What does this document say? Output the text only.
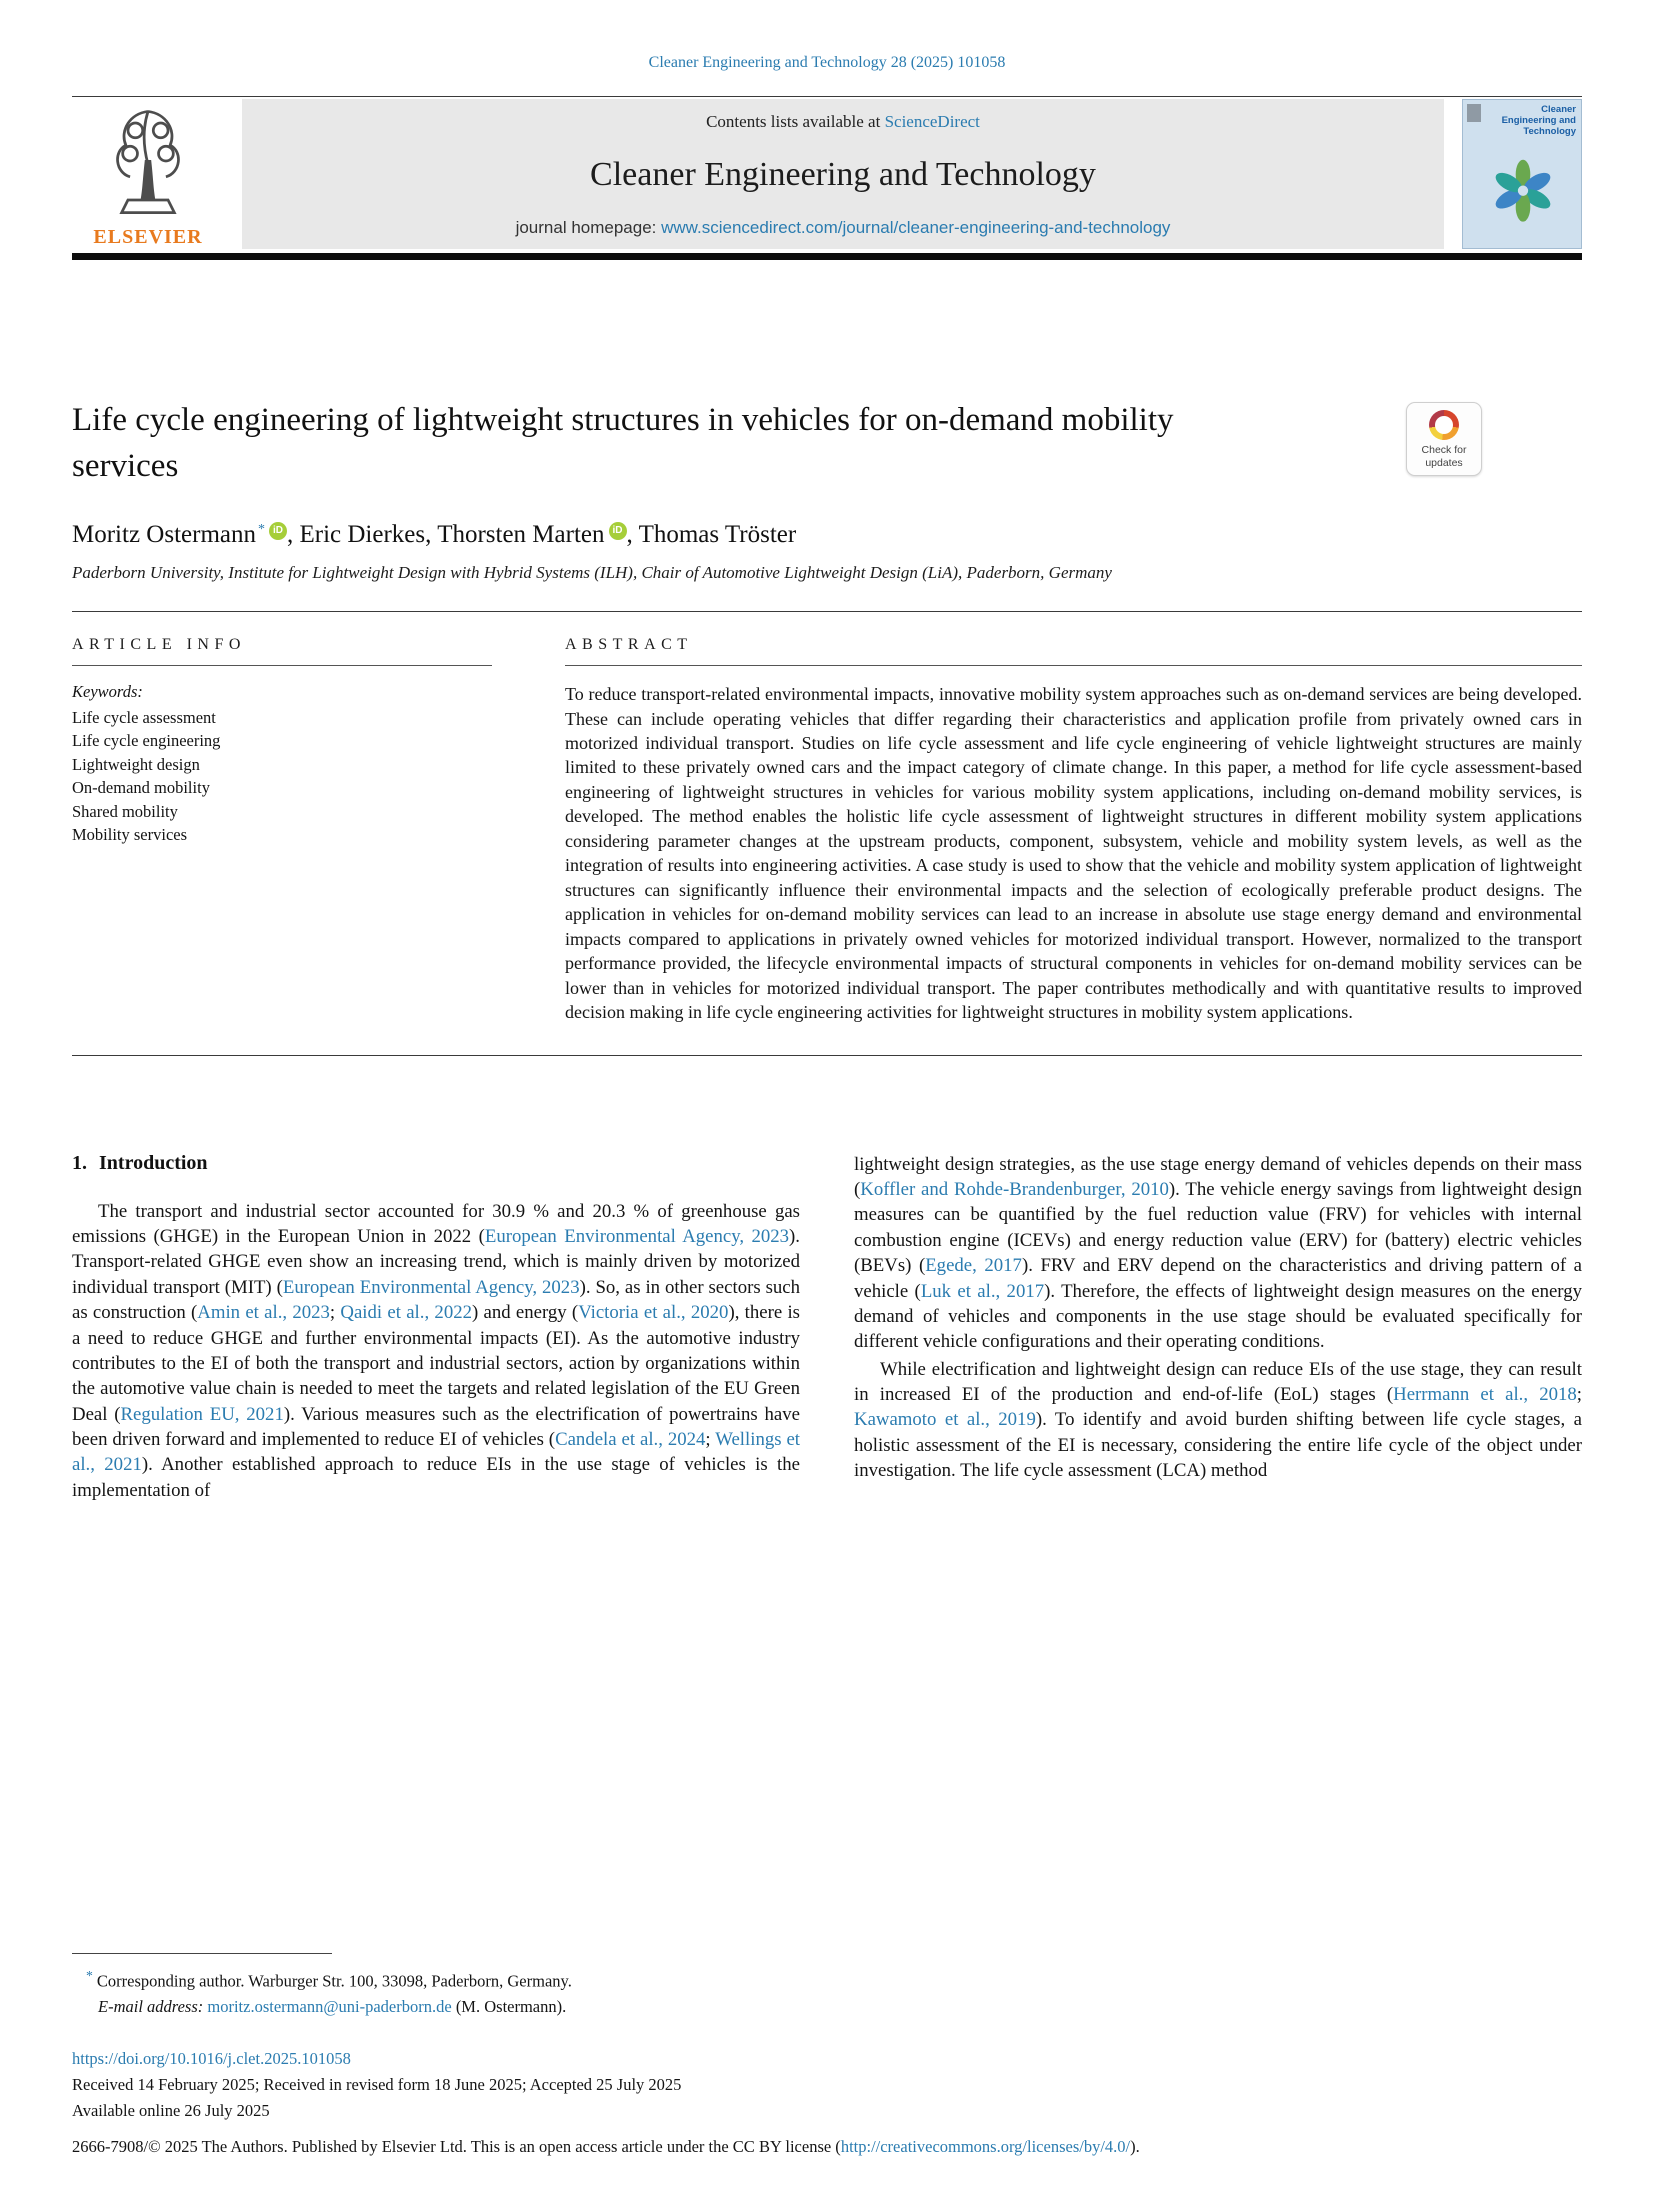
Cleaner Engineering and Technology 28 (2025) 101058
ELSEVIER
Contents lists available at ScienceDirect
Cleaner Engineering and Technology
journal homepage: www.sciencedirect.com/journal/cleaner-engineering-and-technology
Cleaner Engineering and Technology
Life cycle engineering of lightweight structures in vehicles for on-demand mobility services	Check for updates
Moritz Ostermann * iD , Eric Dierkes, Thorsten Marten iD , Thomas Tröster
Paderborn University, Institute for Lightweight Design with Hybrid Systems (ILH), Chair of Automotive Lightweight Design (LiA), Paderborn, Germany
ARTICLE INFO
Keywords:
Life cycle assessment
Life cycle engineering
Lightweight design
On-demand mobility
Shared mobility
Mobility services
ABSTRACT
To reduce transport-related environmental impacts, innovative mobility system approaches such as on-demand services are being developed. These can include operating vehicles that differ regarding their characteristics and application profile from privately owned cars in motorized individual transport. Studies on life cycle assessment and life cycle engineering of vehicle lightweight structures are mainly limited to these privately owned cars and the impact category of climate change. In this paper, a method for life cycle assessment-based engineering of lightweight structures in vehicles for various mobility system applications, including on-demand mobility services, is developed. The method enables the holistic life cycle assessment of lightweight structures in different mobility system applications considering parameter changes at the upstream products, component, subsystem, vehicle and mobility system levels, as well as the integration of results into engineering activities. A case study is used to show that the vehicle and mobility system application of lightweight structures can significantly influence their environmental impacts and the selection of ecologically preferable product designs. The application in vehicles for on-demand mobility services can lead to an increase in absolute use stage energy demand and environmental impacts compared to applications in privately owned vehicles for motorized individual transport. However, normalized to the transport performance provided, the lifecycle environmental impacts of structural components in vehicles for on-demand mobility services can be lower than in vehicles for motorized individual transport. The paper contributes methodically and with quantitative results to improved decision making in life cycle engineering activities for lightweight structures in mobility system applications.
1. Introduction

The transport and industrial sector accounted for 30.9 % and 20.3 % of greenhouse gas emissions (GHGE) in the European Union in 2022 (European Environmental Agency, 2023). Transport-related GHGE even show an increasing trend, which is mainly driven by motorized individual transport (MIT) (European Environmental Agency, 2023). So, as in other sectors such as construction (Amin et al., 2023; Qaidi et al., 2022) and energy (Victoria et al., 2020), there is a need to reduce GHGE and further environmental impacts (EI). As the automotive industry contributes to the EI of both the transport and industrial sectors, action by organizations within the automotive value chain is needed to meet the targets and related legislation of the EU Green Deal (Regulation EU, 2021). Various measures such as the electrification of powertrains have been driven forward and implemented to reduce EI of vehicles (Candela et al., 2024; Wellings et al., 2021). Another established approach to reduce EIs in the use stage of vehicles is the implementation of

lightweight design strategies, as the use stage energy demand of vehicles depends on their mass (Koffler and Rohde-Brandenburger, 2010). The vehicle energy savings from lightweight design measures can be quantified by the fuel reduction value (FRV) for vehicles with internal combustion engine (ICEVs) and energy reduction value (ERV) for (battery) electric vehicles (BEVs) (Egede, 2017). FRV and ERV depend on the characteristics and driving pattern of a vehicle (Luk et al., 2017). Therefore, the effects of lightweight design measures on the energy demand of vehicles and components in the use stage should be evaluated specifically for different vehicle configurations and their operating conditions.

While electrification and lightweight design can reduce EIs of the use stage, they can result in increased EI of the production and end-of-life (EoL) stages (Herrmann et al., 2018; Kawamoto et al., 2019). To identify and avoid burden shifting between life cycle stages, a holistic assessment of the EI is necessary, considering the entire life cycle of the object under investigation. The life cycle assessment (LCA) method

* Corresponding author. Warburger Str. 100, 33098, Paderborn, Germany.
E-mail address: moritz.ostermann@uni-paderborn.de (M. Ostermann).
https://doi.org/10.1016/j.clet.2025.101058
Received 14 February 2025; Received in revised form 18 June 2025; Accepted 25 July 2025
Available online 26 July 2025
2666-7908/© 2025 The Authors. Published by Elsevier Ltd. This is an open access article under the CC BY license (http://creativecommons.org/licenses/by/4.0/).
